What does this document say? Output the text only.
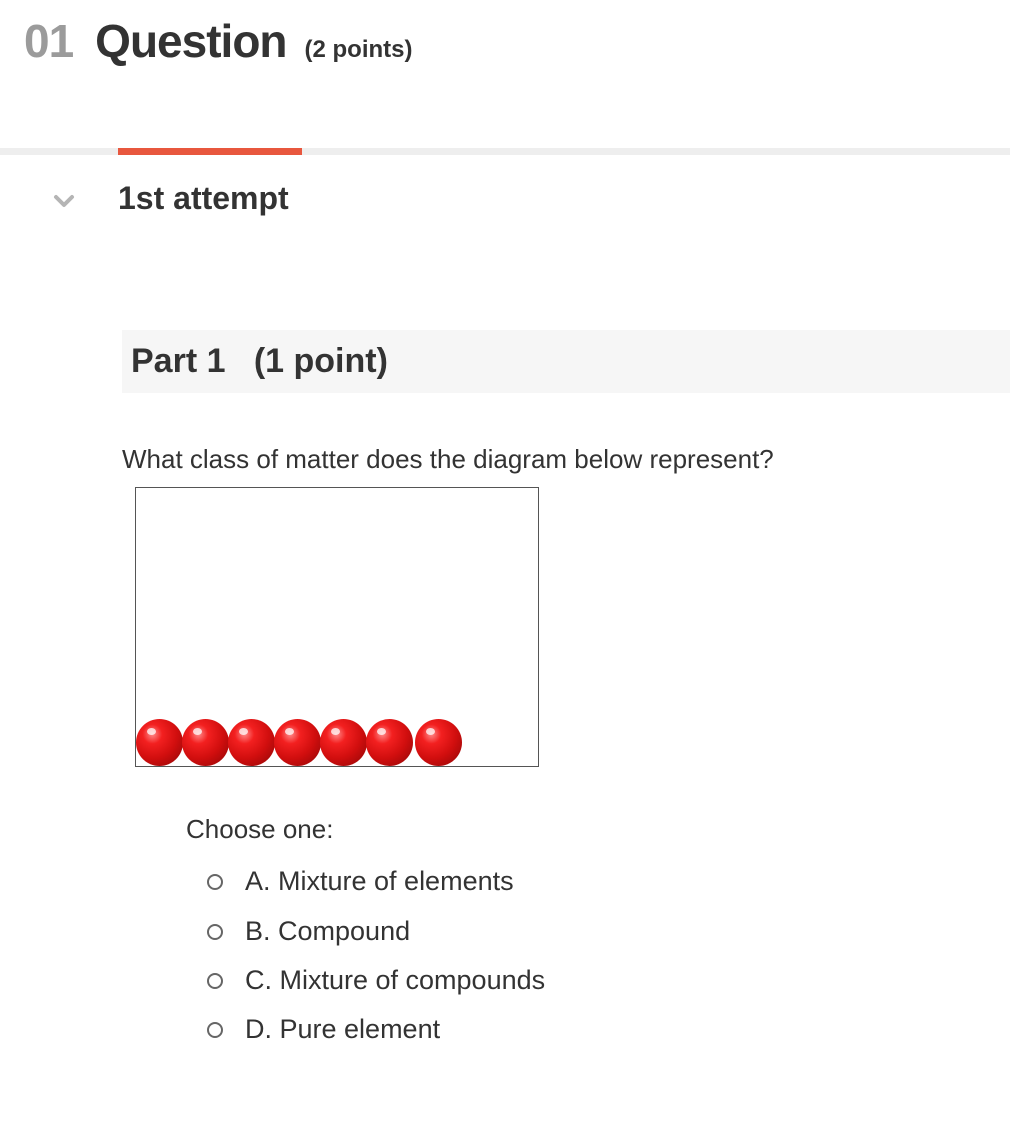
01 Question (2 points)
1st attempt
Part 1   (1 point)
What class of matter does the diagram below represent?
Choose one:
A. Mixture of elements
B. Compound
C. Mixture of compounds
D. Pure element
